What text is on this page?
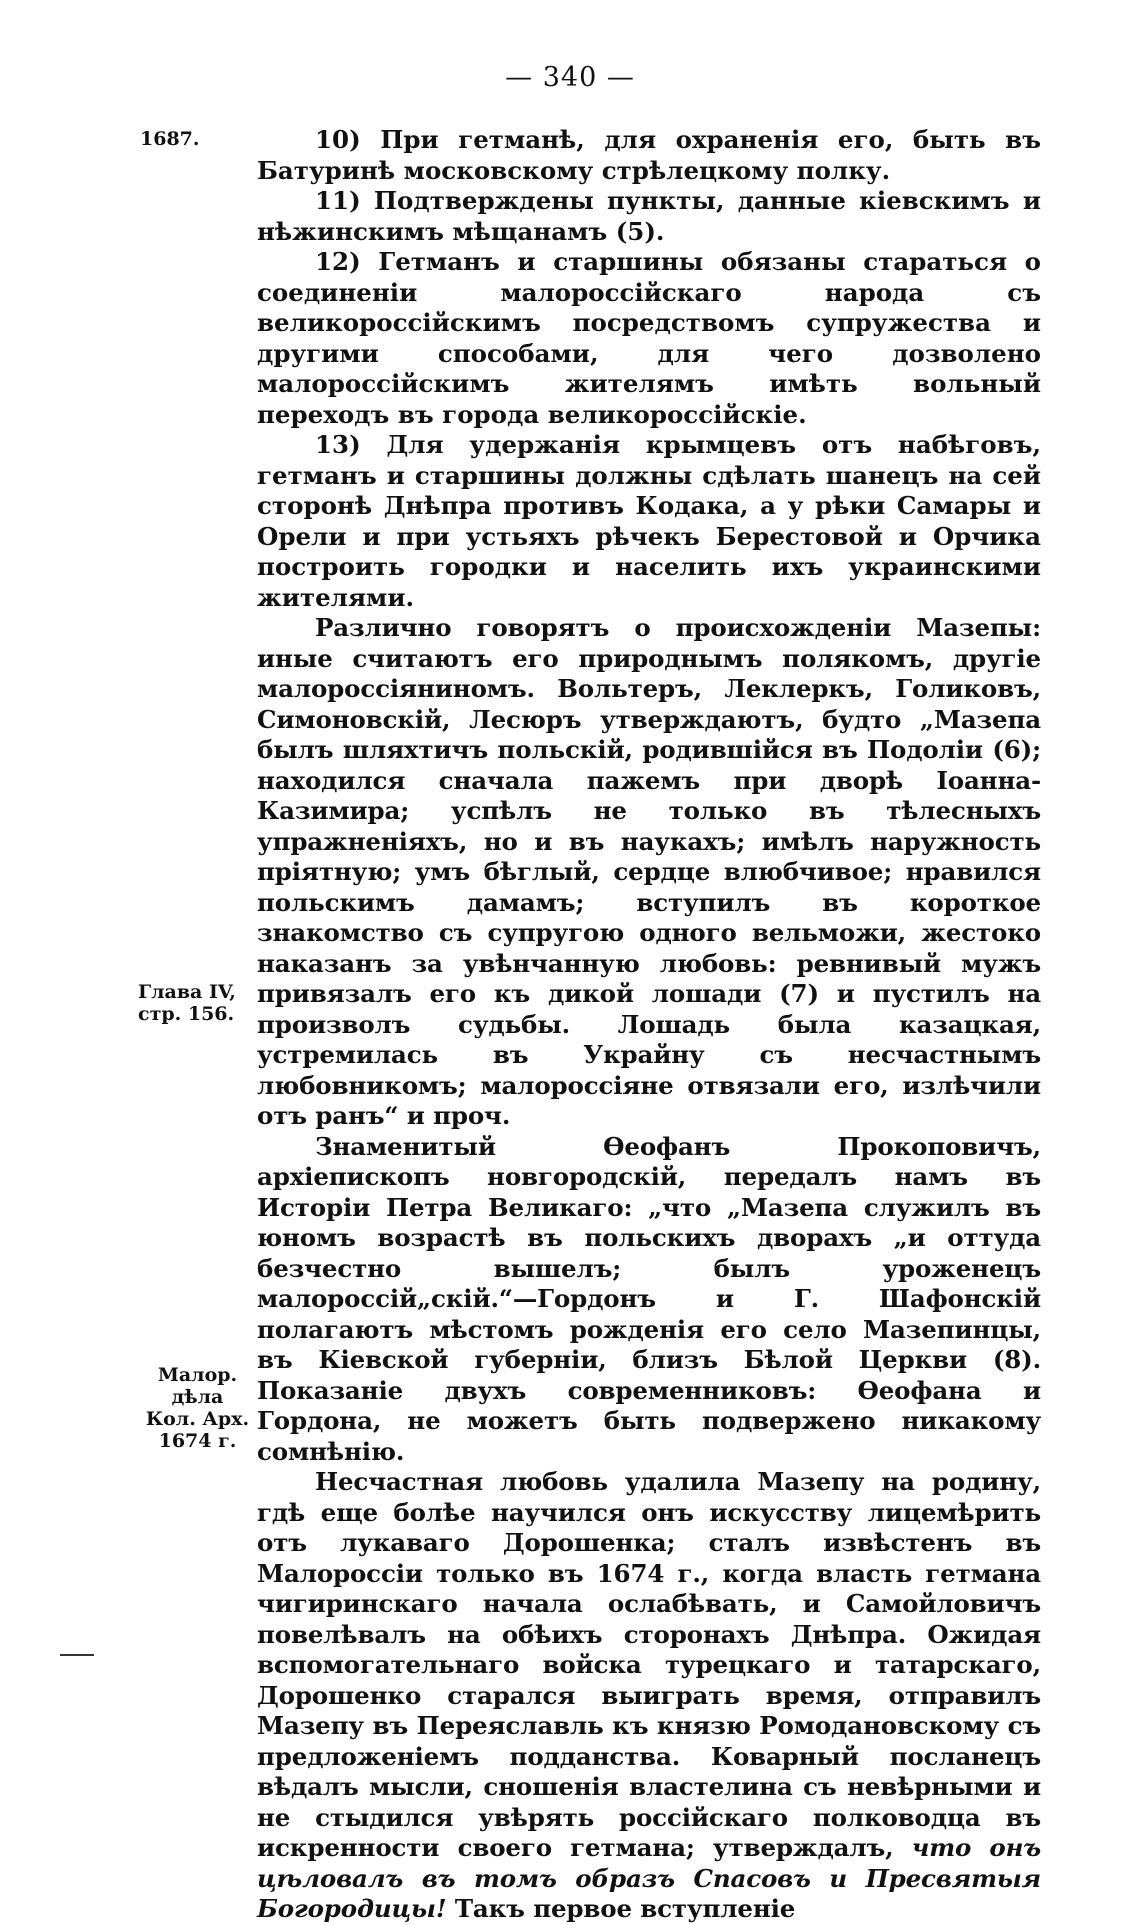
— 340 —
1687.
Глава IV,
стр. 156.
Малор.
дѣла
Кол. Арх.
1674 г.

10) При гетманѣ, для охраненія его, быть въ Батуринѣ московскому стрѣлецкому полку.

11) Подтверждены пункты, данные кіевскимъ и нѣжинскимъ мѣщанамъ (5).

12) Гетманъ и старшины обязаны стараться о соединеніи малороссійскаго народа съ великороссійскимъ посредствомъ супружества и другими способами, для чего дозволено малороссійскимъ жителямъ имѣть вольный переходъ въ города великороссійскіе.

13) Для удержанія крымцевъ отъ набѣговъ, гетманъ и старшины должны сдѣлать шанецъ на сей сторонѣ Днѣпра противъ Кодака, а у рѣки Самары и Орели и при устьяхъ рѣчекъ Берестовой и Орчика построить городки и населить ихъ украинскими жителями.

Различно говорятъ о происхожденіи Мазепы: иные считаютъ его природнымъ полякомъ, другіе малороссіяниномъ. Вольтеръ, Леклеркъ, Голиковъ, Симоновскій, Лесюръ утверждаютъ, будто „Мазепа былъ шляхтичъ польскій, родившійся въ Подоліи (6); находился сначала пажемъ при дворѣ Іоанна-Казимира; успѣлъ не только въ тѣлесныхъ упражненіяхъ, но и въ наукахъ; имѣлъ наружность пріятную; умъ бѣглый, сердце влюбчивое; нравился польскимъ дамамъ; вступилъ въ короткое знакомство съ супругою одного вельможи, жестоко наказанъ за увѣнчанную любовь: ревнивый мужъ привязалъ его къ дикой лошади (7) и пустилъ на произволъ судьбы. Лошадь была казацкая, устремилась въ Украйну съ несчастнымъ любовникомъ; малороссіяне отвязали его, излѣчили отъ ранъ“ и проч.

Знаменитый Ѳеофанъ Прокоповичъ, архіепископъ новгородскій, передалъ намъ въ Исторіи Петра Великаго: „что „Мазепа служилъ въ юномъ возрастѣ въ польскихъ дворахъ „и оттуда безчестно вышелъ; былъ уроженецъ малороссій„скій.“—Гордонъ и Г. Шафонскій полагаютъ мѣстомъ рожденія его село Мазепинцы, въ Кіевской губерніи, близъ Бѣлой Церкви (8). Показаніе двухъ современниковъ: Ѳеофана и Гордона, не можетъ быть подвержено никакому сомнѣнію.

Несчастная любовь удалила Мазепу на родину, гдѣ еще болѣе научился онъ искусству лицемѣрить отъ лукаваго Дорошенка; сталъ извѣстенъ въ Малороссіи только въ 1674 г., когда власть гетмана чигиринскаго начала ослабѣвать, и Самойловичъ повелѣвалъ на обѣихъ сторонахъ Днѣпра. Ожидая вспомогательнаго войска турецкаго и татарскаго, Дорошенко старался выиграть время, отправилъ Мазепу въ Переяславль къ князю Ромодановскому съ предложеніемъ подданства. Коварный посланецъ вѣдалъ мысли, сношенія властелина съ невѣрными и не стыдился увѣрять россійскаго полководца въ искренности своего гетмана; утверждалъ, что онъ цѣловалъ въ томъ образъ Спасовъ и Пресвятыя Богородицы! Такъ первое вступленіе
